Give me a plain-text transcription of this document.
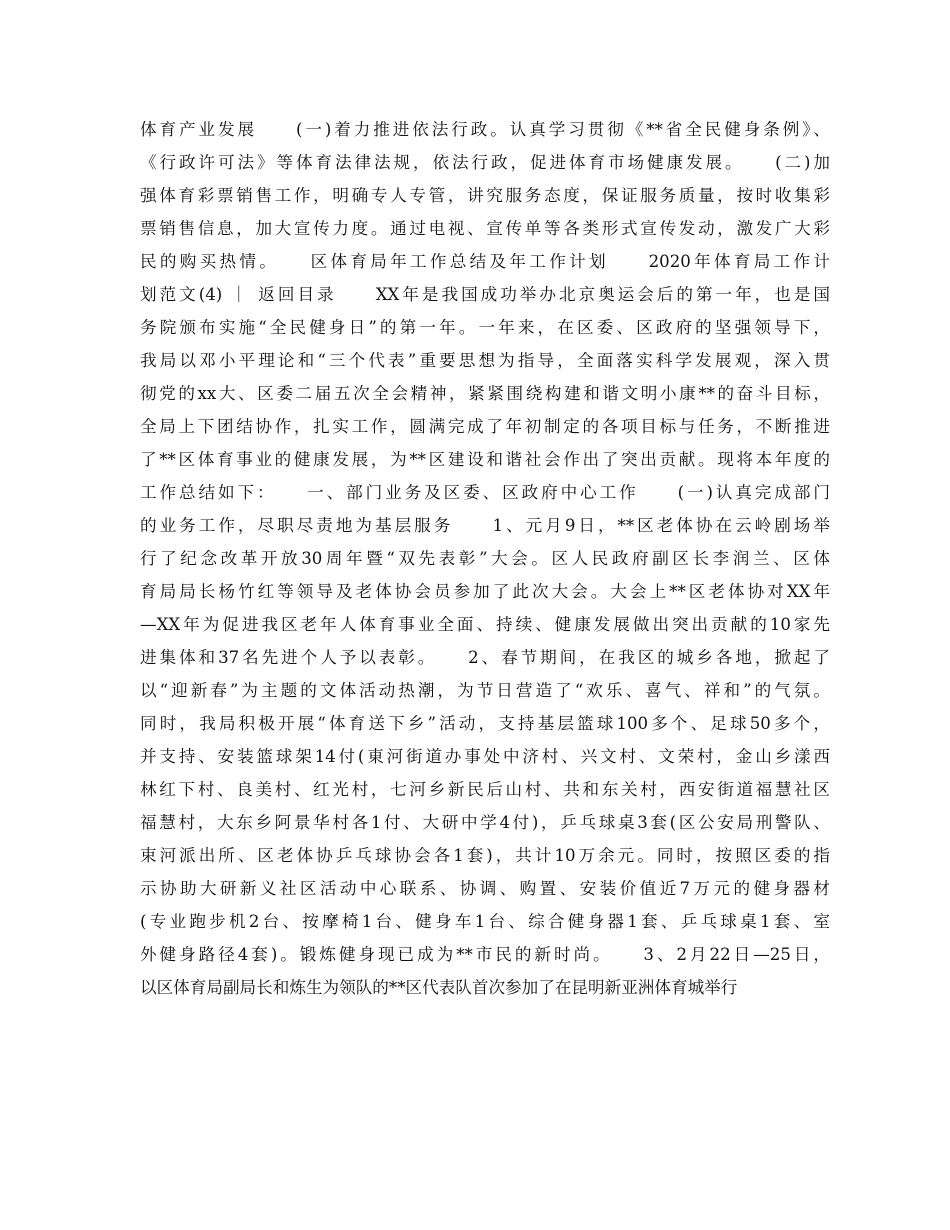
体育产业发展　　(一)着力推进依法行政。认真学习贯彻《**省全民健身条例》、
《行政许可法》等体育法律法规，依法行政，促进体育市场健康发展。　　(二)加
强体育彩票销售工作，明确专人专管，讲究服务态度，保证服务质量，按时收集彩
票销售信息，加大宣传力度。通过电视、宣传单等各类形式宣传发动，激发广大彩
民的购买热情。　　区体育局年工作总结及年工作计划　　2020年体育局工作计
划范文(4) ｜ 返回目录　　XX年是我国成功举办北京奥运会后的第一年，也是国
务院颁布实施“全民健身日”的第一年。一年来，在区委、区政府的坚强领导下，
我局以邓小平理论和“三个代表”重要思想为指导，全面落实科学发展观，深入贯
彻党的xx大、区委二届五次全会精神，紧紧围绕构建和谐文明小康**的奋斗目标，
全局上下团结协作，扎实工作，圆满完成了年初制定的各项目标与任务，不断推进
了**区体育事业的健康发展，为**区建设和谐社会作出了突出贡献。现将本年度的
工作总结如下：　　一、部门业务及区委、区政府中心工作　　(一)认真完成部门
的业务工作，尽职尽责地为基层服务　　1、元月9日，**区老体协在云岭剧场举
行了纪念改革开放30周年暨“双先表彰”大会。区人民政府副区长李润兰、区体
育局局长杨竹红等领导及老体协会员参加了此次大会。大会上**区老体协对XX年
—XX年为促进我区老年人体育事业全面、持续、健康发展做出突出贡献的10家先
进集体和37名先进个人予以表彰。　　2、春节期间，在我区的城乡各地，掀起了
以“迎新春”为主题的文体活动热潮，为节日营造了“欢乐、喜气、祥和”的气氛。
同时，我局积极开展“体育送下乡”活动，支持基层篮球100多个、足球50多个，
并支持、安装篮球架14付(東河街道办事处中济村、兴文村、文荣村，金山乡漾西
林红下村、良美村、红光村，七河乡新民后山村、共和东关村，西安街道福慧社区
福慧村，大东乡阿景华村各1付、大研中学4付)，乒乓球桌3套(区公安局刑警队、
束河派出所、区老体协乒乓球协会各1套)，共计10万余元。同时，按照区委的指
示协助大研新义社区活动中心联系、协调、购置、安装价值近7万元的健身器材
(专业跑步机2台、按摩椅1台、健身车1台、综合健身器1套、乒乓球桌1套、室
外健身路径4套)。锻炼健身现已成为**市民的新时尚。　　3、2月22日—25日，
以区体育局副局长和炼生为领队的**区代表队首次参加了在昆明新亚洲体育城举行
